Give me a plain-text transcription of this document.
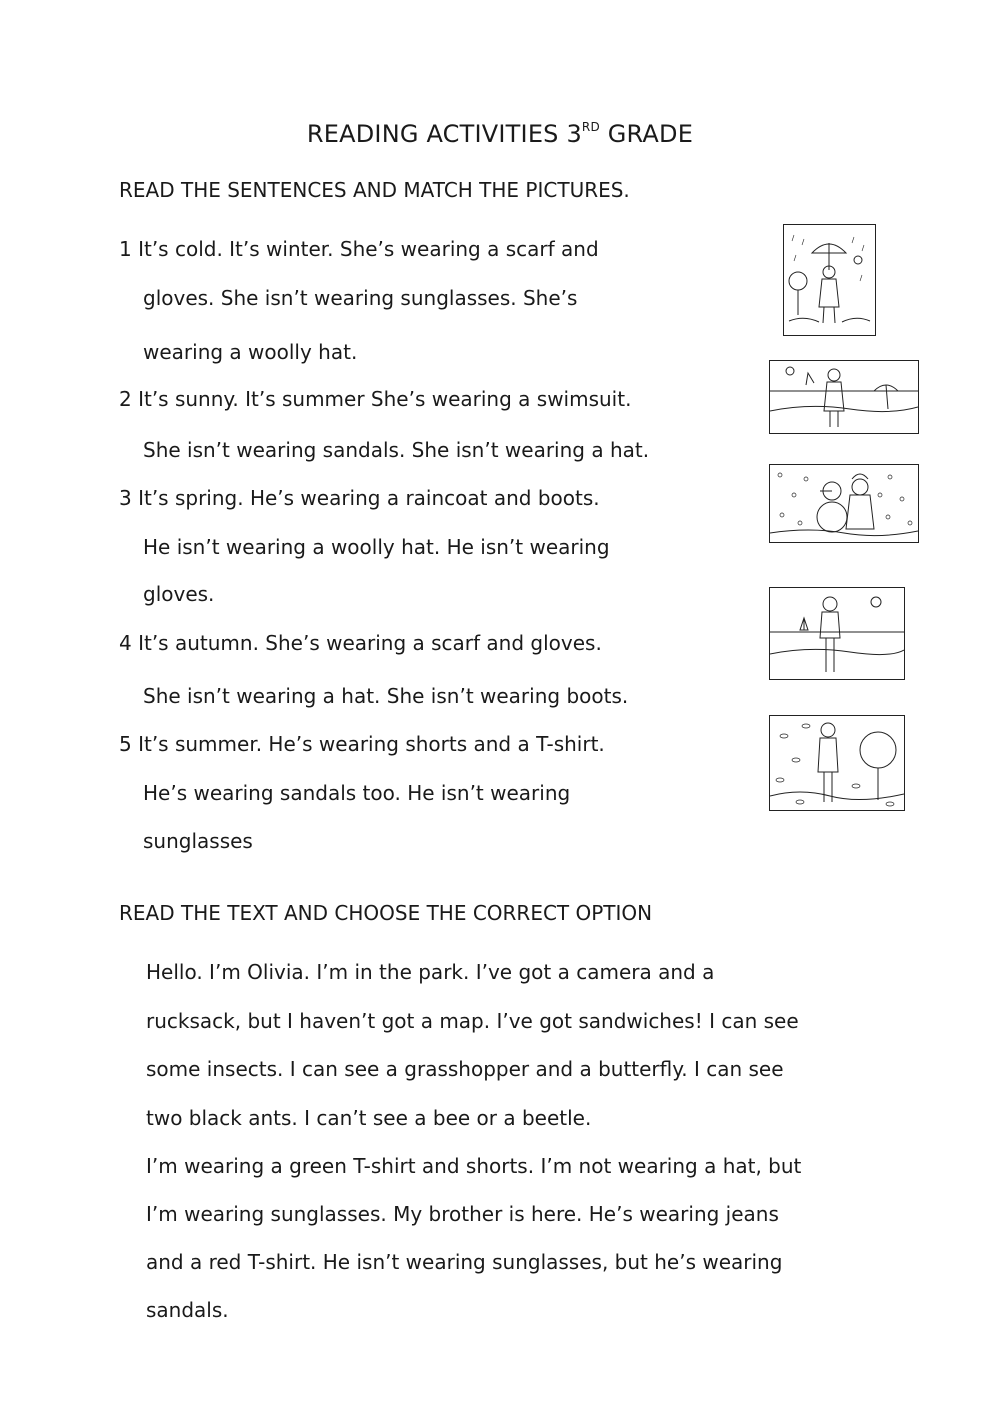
READING ACTIVITIES 3RD GRADE
READ THE SENTENCES AND MATCH THE PICTURES.
1 It’s cold. It’s winter. She’s wearing a scarf and
gloves. She isn’t wearing sunglasses. She’s
wearing a woolly hat.
2 It’s sunny. It’s summer She’s wearing a swimsuit.
She isn’t wearing sandals. She isn’t wearing a hat.
3 It’s spring. He’s wearing a raincoat and boots.
He isn’t wearing a woolly hat. He isn’t wearing
gloves.
4 It’s autumn. She’s wearing a scarf and gloves.
She isn’t wearing a hat. She isn’t wearing boots.
5 It’s summer. He’s wearing shorts and a T-shirt.
He’s wearing sandals too. He isn’t wearing
sunglasses
READ THE TEXT AND CHOOSE THE CORRECT OPTION
Hello. I’m Olivia. I’m in the park. I’ve got a camera and a
rucksack, but I haven’t got a map. I’ve got sandwiches! I can see
some insects. I can see a grasshopper and a butterfly. I can see
two black ants. I can’t see a bee or a beetle.
I’m wearing a green T-shirt and shorts. I’m not wearing a hat, but
I’m wearing sunglasses. My brother is here. He’s wearing jeans
and a red T-shirt. He isn’t wearing sunglasses, but he’s wearing
sandals.
